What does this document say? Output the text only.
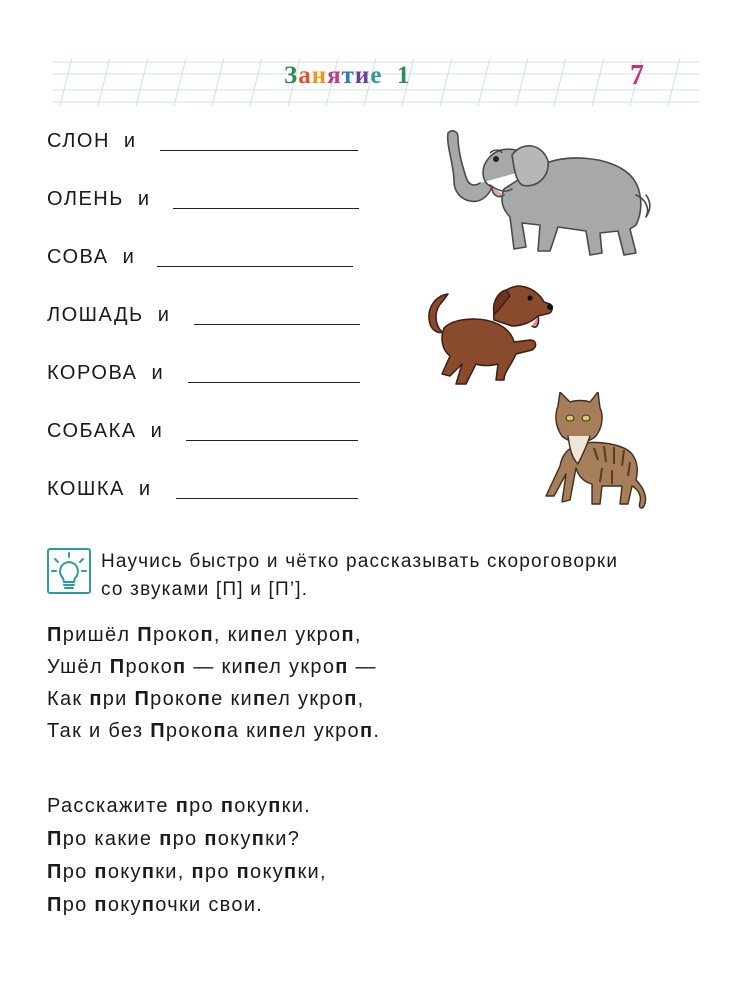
Занятие 1	7
СЛОН и
ОЛЕНЬ и
СОВА и
ЛОШАДЬ и
КОРОВА и
СОБАКА и
КОШКА и
Научись быстро и чётко рассказывать скороговорки
со звуками [П] и [П’].
Пришёл Прокоп, кипел укроп,
Ушёл Прокоп — кипел укроп —
Как при Прокопе кипел укроп,
Так и без Прокопа кипел укроп.
Расскажите про покупки.
Про какие про покупки?
Про покупки, про покупки,
Про покупочки свои.
